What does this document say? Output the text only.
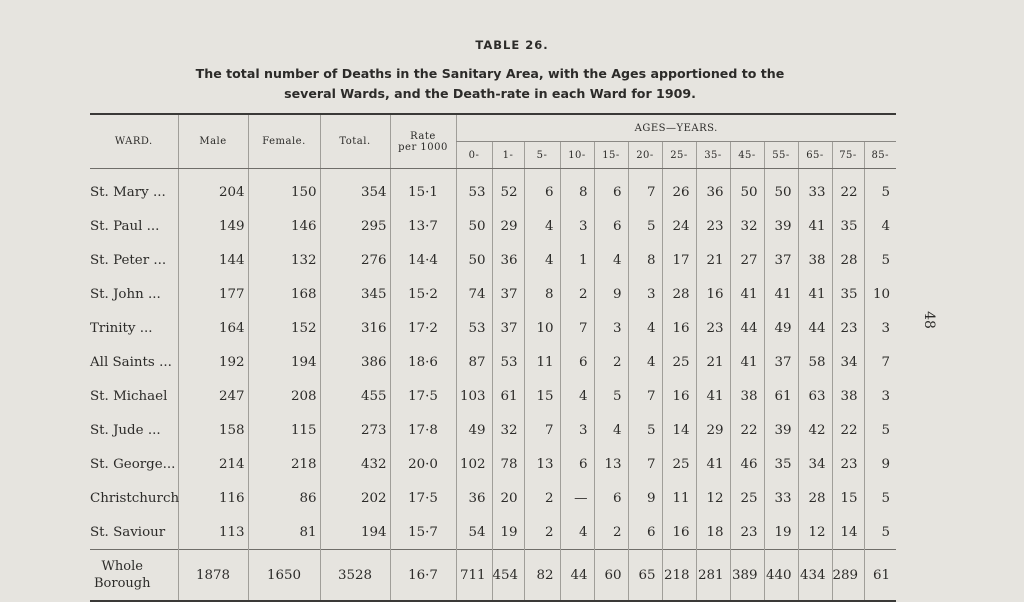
TABLE 26.
The total number of Deaths in the Sanitary Area, with the Ages apportioned to the
several Wards, and the Death-rate in each Ward for 1909.
48
WARD.	Male	Female.	Total.	Rate
per 1000	AGES—YEARS.												
					0-	1-	5-	10-	15-	20-	25-	35-	45-	55-	65-	75-	85-
St. Mary ...	204	150	354	15·1	53	52	6	8	6	7	26	36	50	50	33	22	5
St. Paul ...	149	146	295	13·7	50	29	4	3	6	5	24	23	32	39	41	35	4
St. Peter ...	144	132	276	14·4	50	36	4	1	4	8	17	21	27	37	38	28	5
St. John ...	177	168	345	15·2	74	37	8	2	9	3	28	16	41	41	41	35	10
Trinity ...	164	152	316	17·2	53	37	10	7	3	4	16	23	44	49	44	23	3
All Saints ...	192	194	386	18·6	87	53	11	6	2	4	25	21	41	37	58	34	7
St. Michael	247	208	455	17·5	103	61	15	4	5	7	16	41	38	61	63	38	3
St. Jude ...	158	115	273	17·8	49	32	7	3	4	5	14	29	22	39	42	22	5
St. George...	214	218	432	20·0	102	78	13	6	13	7	25	41	46	35	34	23	9
Christchurch	116	86	202	17·5	36	20	2	—	6	9	11	12	25	33	28	15	5
St. Saviour	113	81	194	15·7	54	19	2	4	2	6	16	18	23	19	12	14	5

Whole
Borough	1878	1650	3528	16·7	711	454	82	44	60	65	218	281	389	440	434	289	61
